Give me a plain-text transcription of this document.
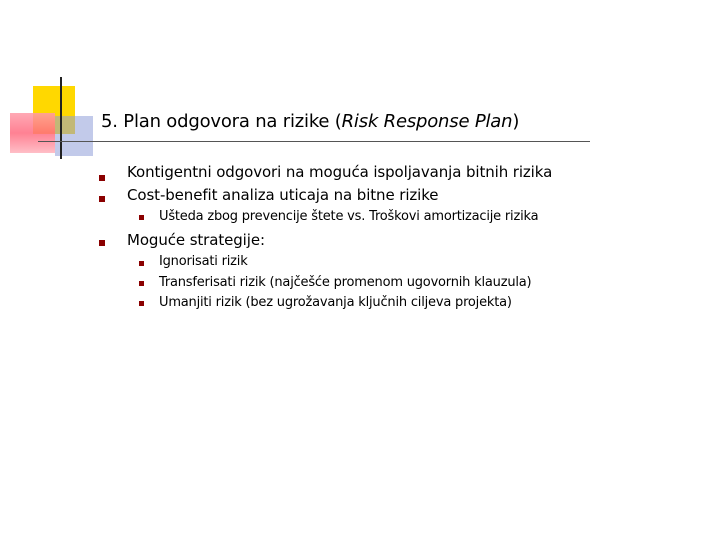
5. Plan odgovora na rizike (Risk Response Plan)
Kontigentni odgovori na moguća ispoljavanja bitnih rizika
Cost-benefit analiza uticaja na bitne rizike
Ušteda zbog prevencije štete vs. Troškovi amortizacije rizika
Moguće strategije:
Ignorisati rizik
Transferisati rizik (najčešće promenom ugovornih klauzula)
Umanjiti rizik (bez ugrožavanja ključnih ciljeva projekta)
